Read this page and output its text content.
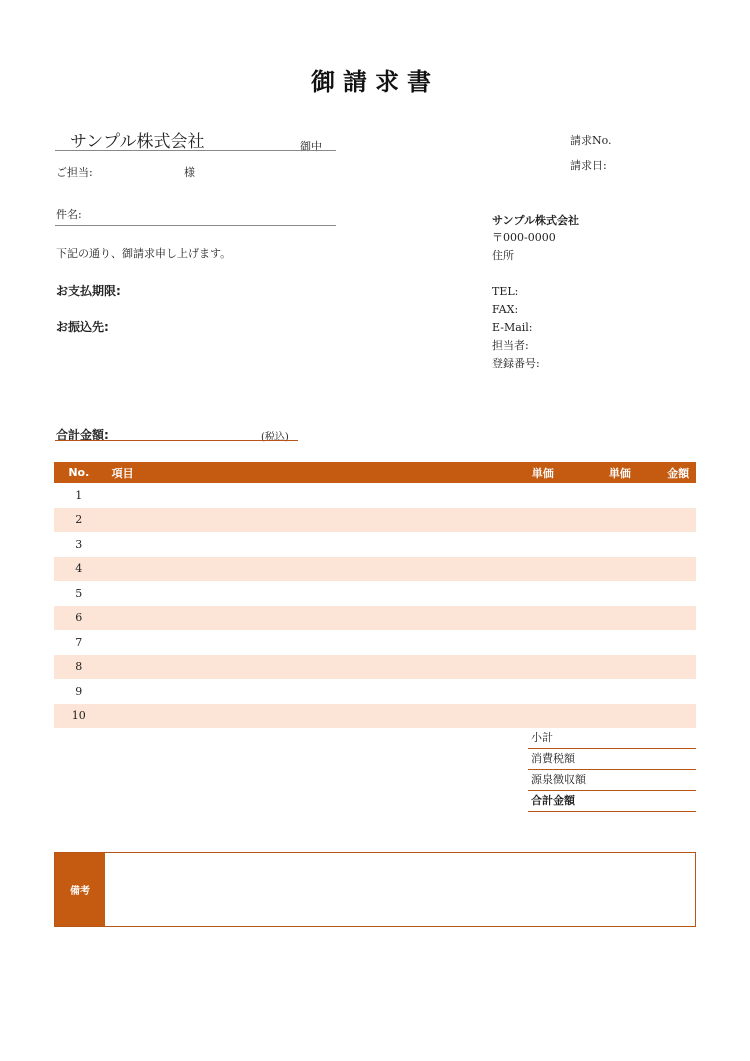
御請求書
サンプル株式会社	御中
ご担当:	様
件名:
下記の通り、御請求申し上げます。
お支払期限:
お振込先:
請求No.
請求日:
サンプル株式会社
〒000-0000
住所
TEL:
FAX:
E-Mail:
担当者:
登録番号:
合計金額:	(税込)
No.	項目	単価	単価	金額
1				
2				
3				
4				
5				
6				
7				
8				
9				
10				
小計
消費税額
源泉徴収額
合計金額
備考
